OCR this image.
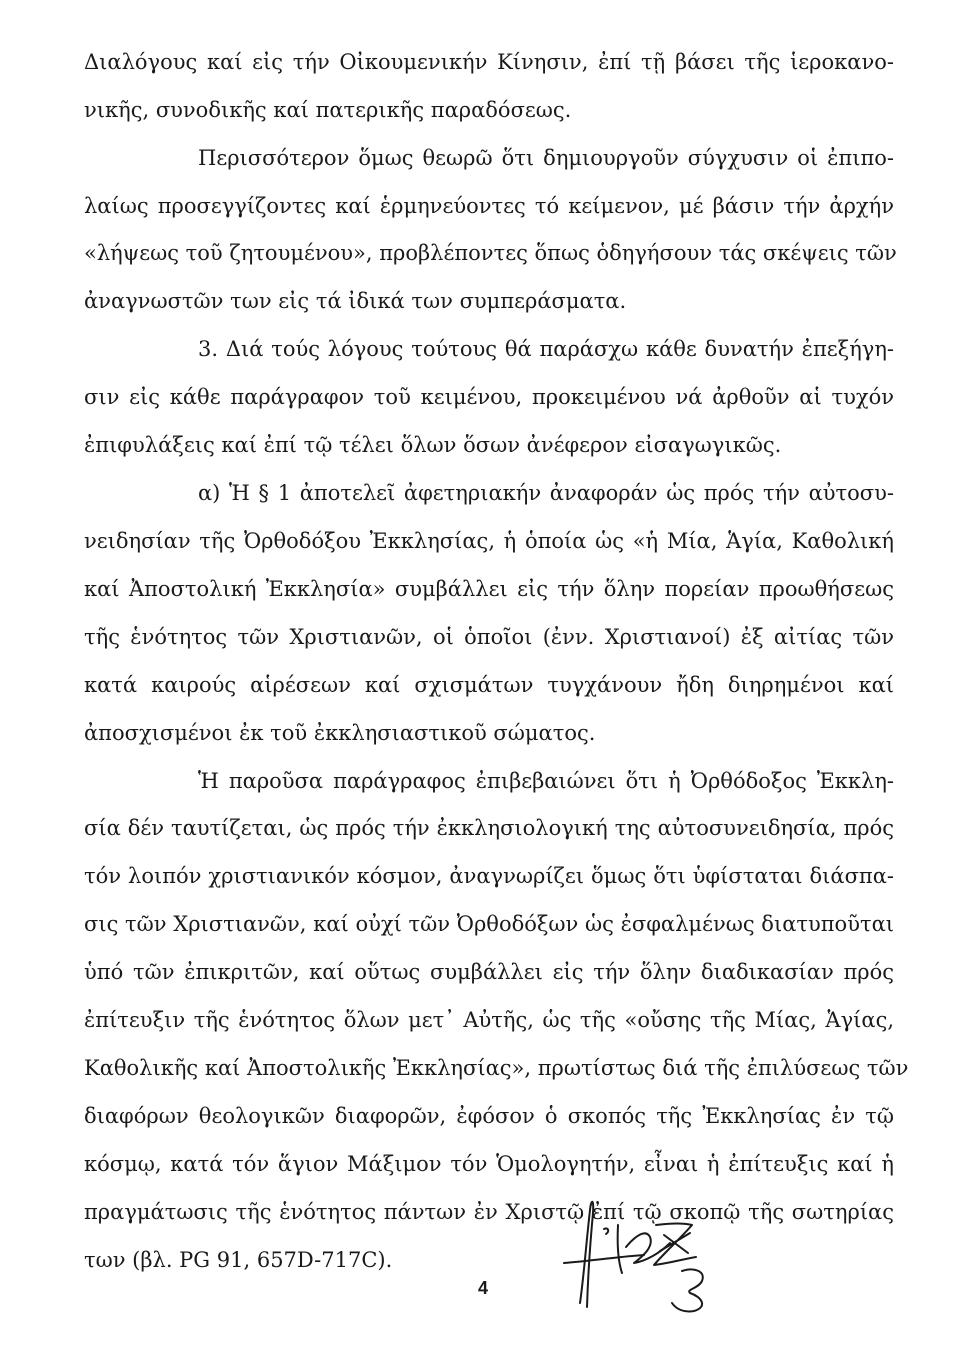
Διαλόγους καί εἰς τήν Οἰκουμενικήν Κίνησιν, ἐπί τῇ βάσει τῆς ἱεροκανο-
νικῆς, συνοδικῆς καί πατερικῆς παραδόσεως.
Περισσότερον ὅμως θεωρῶ ὅτι δημιουργοῦν σύγχυσιν οἱ ἐπιπο-
λαίως προσεγγίζοντες καί ἑρμηνεύοντες τό κείμενον, μέ βάσιν τήν ἀρχήν
«λήψεως τοῦ ζητουμένου», προβλέποντες ὅπως ὁδηγήσουν τάς σκέψεις τῶν
ἀναγνωστῶν των εἰς τά ἰδικά των συμπεράσματα.
3. Διά τούς λόγους τούτους θά παράσχω κάθε δυνατήν ἐπεξήγη-
σιν εἰς κάθε παράγραφον τοῦ κειμένου, προκειμένου νά ἀρθοῦν αἱ τυχόν
ἐπιφυλάξεις καί ἐπί τῷ τέλει ὅλων ὅσων ἀνέφερον εἰσαγωγικῶς.
α) Ἡ § 1 ἀποτελεῖ ἀφετηριακήν ἀναφοράν ὡς πρός τήν αὐτοσυ-
νειδησίαν τῆς Ὀρθοδόξου Ἐκκλησίας, ἡ ὁποία ὡς «ἡ Μία, Ἁγία, Καθολική
καί Ἀποστολική Ἐκκλησία» συμβάλλει εἰς τήν ὅλην πορείαν προωθήσεως
τῆς ἑνότητος τῶν Χριστιανῶν, οἱ ὁποῖοι (ἐνν. Χριστιανοί) ἐξ αἰτίας τῶν
κατά καιρούς αἱρέσεων καί σχισμάτων τυγχάνουν ἤδη διηρημένοι καί
ἀποσχισμένοι ἐκ τοῦ ἐκκλησιαστικοῦ σώματος.
Ἡ παροῦσα παράγραφος ἐπιβεβαιώνει ὅτι ἡ Ὀρθόδοξος Ἐκκλη-
σία δέν ταυτίζεται, ὡς πρός τήν ἐκκλησιολογική της αὐτοσυνειδησία, πρός
τόν λοιπόν χριστιανικόν κόσμον, ἀναγνωρίζει ὅμως ὅτι ὑφίσταται διάσπα-
σις τῶν Χριστιανῶν, καί οὐχί τῶν Ὀρθοδόξων ὡς ἐσφαλμένως διατυποῦται
ὑπό τῶν ἐπικριτῶν, καί οὕτως συμβάλλει εἰς τήν ὅλην διαδικασίαν πρός
ἐπίτευξιν τῆς ἑνότητος ὅλων μετ᾽ Αὐτῆς, ὡς τῆς «οὔσης τῆς Μίας, Ἁγίας,
Καθολικῆς καί Ἀποστολικῆς Ἐκκλησίας», πρωτίστως διά τῆς ἐπιλύσεως τῶν
διαφόρων θεολογικῶν διαφορῶν, ἐφόσον ὁ σκοπός τῆς Ἐκκλησίας ἐν τῷ
κόσμῳ, κατά τόν ἅγιον Μάξιμον τόν Ὁμολογητήν, εἶναι ἡ ἐπίτευξις καί ἡ
πραγμάτωσις τῆς ἑνότητος πάντων ἐν Χριστῷ ἐπί τῷ σκοπῷ τῆς σωτηρίας
των (βλ. PG 91, 657D-717C).
4
